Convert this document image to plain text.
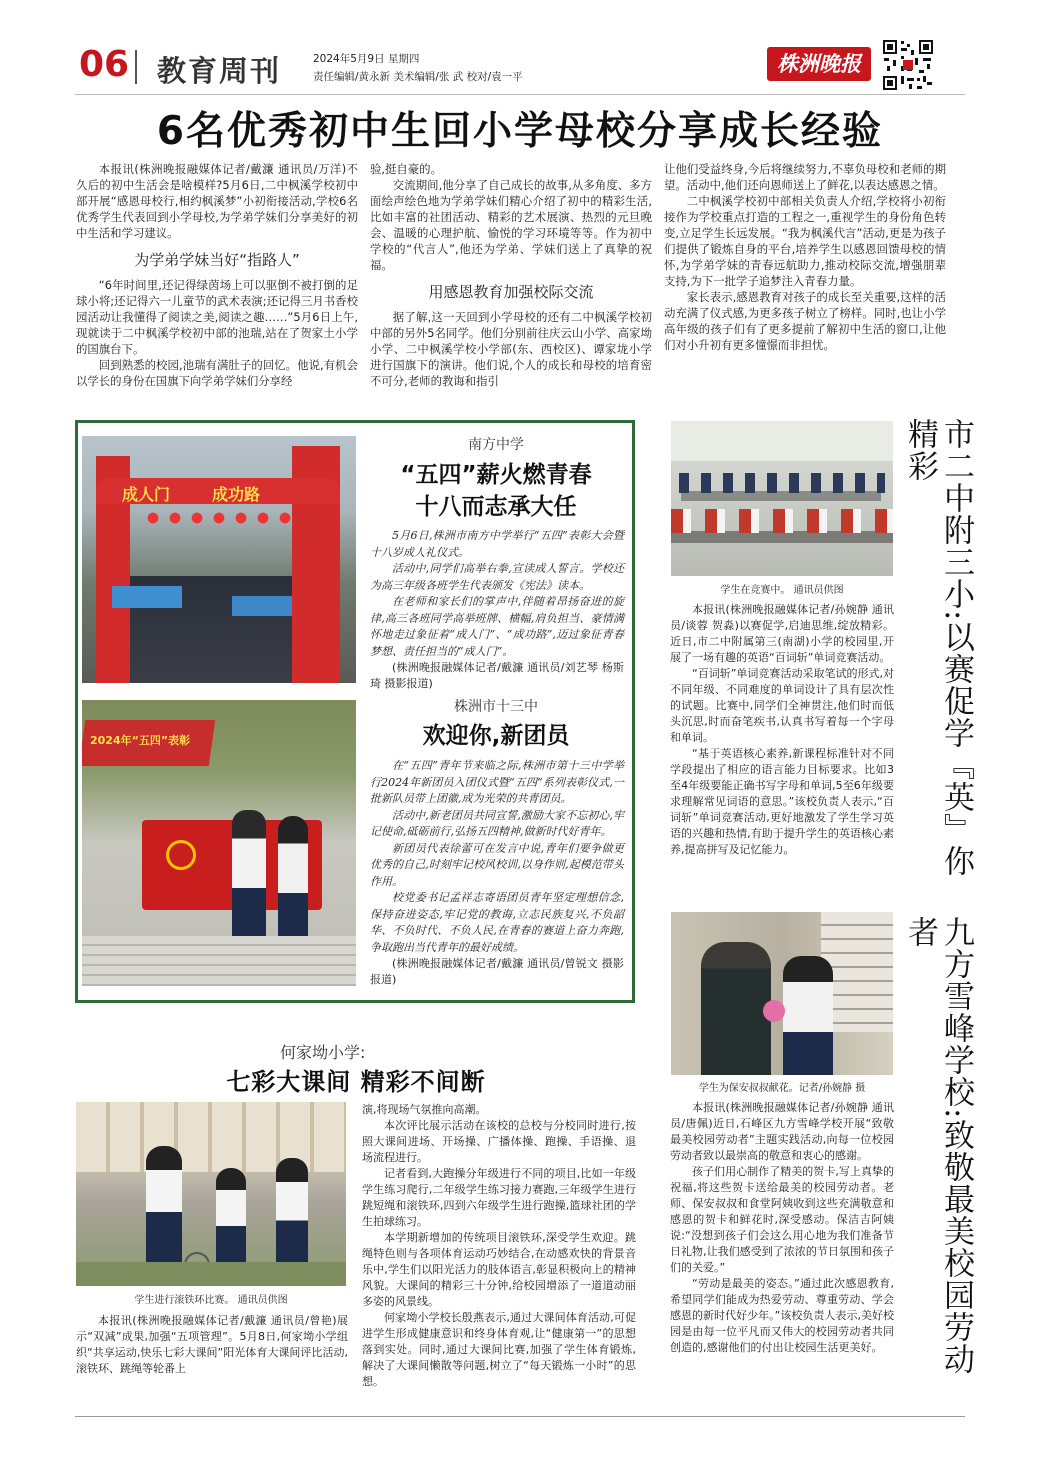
06 教育周刊	2024年5月9日 星期四
责任编辑/黄永新 美术编辑/张 武 校对/袁一平
株洲晚报
6名优秀初中生回小学母校分享成长经验

本报讯(株洲晚报融媒体记者/戴濂 通讯员/万洋)不久后的初中生活会是啥模样?5月6日,二中枫溪学校初中部开展“感恩母校行,相约枫溪梦”小初衔接活动,学校6名优秀学生代表回到小学母校,为学弟学妹们分享美好的初中生活和学习建议。

为学弟学妹当好“指路人”

“6年时间里,还记得绿茵场上可以驱倒不被打倒的足球小将;还记得六一儿童节的武术表演;还记得三月书香校园活动让我懂得了阅读之美,阅读之趣……”5月6日上午,现就读于二中枫溪学校初中部的池瑞,站在了贺家土小学的国旗台下。

回到熟悉的校园,池瑞有满肚子的回忆。他说,有机会以学长的身份在国旗下向学弟学妹们分享经

验,挺自豪的。

交流期间,他分享了自己成长的故事,从多角度、多方面绘声绘色地为学弟学妹们精心介绍了初中的精彩生活,比如丰富的社团活动、精彩的艺术展演、热烈的元旦晚会、温暖的心理护航、愉悦的学习环境等等。作为初中学校的“代言人”,他还为学弟、学妹们送上了真挚的祝福。

用感恩教育加强校际交流

据了解,这一天回到小学母校的还有二中枫溪学校初中部的另外5名同学。他们分别前往庆云山小学、高家坳小学、二中枫溪学校小学部(东、西校区)、谭家垅小学进行国旗下的演讲。他们说,个人的成长和母校的培育密不可分,老师的教诲和指引

让他们受益终身,今后将继续努力,不辜负母校和老师的期望。活动中,他们还向恩师送上了鲜花,以表达感恩之情。

二中枫溪学校初中部相关负责人介绍,学校将小初衔接作为学校重点打造的工程之一,重视学生的身份角色转变,立足学生长远发展。“我为枫溪代言”活动,更是为孩子们提供了锻炼自身的平台,培养学生以感恩回馈母校的情怀,为学弟学妹的青春远航助力,推动校际交流,增强朋辈支持,为下一批学子追梦注入青春力量。

家长表示,感恩教育对孩子的成长至关重要,这样的活动充满了仪式感,为更多孩子树立了榜样。同时,也让小学高年级的孩子们有了更多提前了解初中生活的窗口,让他们对小升初有更多憧憬而非担忧。

成人门	成功路
南方中学
“五四”薪火燃青春
十八而志承大任

5月6日,株洲市南方中学举行“五四”表彰大会暨十八岁成人礼仪式。

活动中,同学们高举右拳,宣读成人誓言。学校还为高三年级各班学生代表颁发《宪法》读本。

在老师和家长们的掌声中,伴随着昂扬奋进的旋律,高三各班同学高举班牌、横幅,肩负担当、豪情满怀地走过象征着“成人门”、“成功路”,迈过象征青春梦想、责任担当的“成人门”。

(株洲晚报融媒体记者/戴濂 通讯员/刘艺琴 杨斯琦 摄影报道)

2024年“五四”表彰
株洲市十三中
欢迎你,新团员

在“五四”青年节来临之际,株洲市第十三中学举行2024年新团员入团仪式暨“五四”系列表彰仪式,一批新队员带上团徽,成为光荣的共青团员。

活动中,新老团员共同宣誓,激励大家不忘初心,牢记使命,砥砺前行,弘扬五四精神,做新时代好青年。

新团员代表徐蕾可在发言中说,青年们要争做更优秀的自己,时刻牢记校风校训,以身作则,起模范带头作用。

校党委书记孟祥志寄语团员青年坚定理想信念,保持奋进姿态,牢记党的教诲,立志民族复兴,不负韶华、不负时代、不负人民,在青春的赛道上奋力奔跑,争取跑出当代青年的最好成绩。

(株洲晚报融媒体记者/戴濂 通讯员/曾锐文 摄影报道)

学生在竞赛中。 通讯员供图

本报讯(株洲晚报融媒体记者/孙婉静 通讯员/谈蓉 贺淼)以赛促学,启迪思维,绽放精彩。近日,市二中附属第三(南湖)小学的校园里,开展了一场有趣的英语“百词斩”单词竞赛活动。

“百词斩”单词竞赛活动采取笔试的形式,对不同年级、不同难度的单词设计了具有层次性的试题。比赛中,同学们全神贯注,他们时而低头沉思,时而奋笔疾书,认真书写着每一个字母和单词。

“基于英语核心素养,新课程标准针对不同学段提出了相应的语言能力目标要求。比如3至4年级要能正确书写字母和单词,5至6年级要求理解常见词语的意思。”该校负责人表示,“百词斩”单词竞赛活动,更好地激发了学生学习英语的兴趣和热情,有助于提升学生的英语核心素养,提高拼写及记忆能力。	市二中附三小:以赛促学『英』你精彩
学生为保安叔叔献花。记者/孙婉静 摄

本报讯(株洲晚报融媒体记者/孙婉静 通讯员/唐佩)近日,石峰区九方雪峰学校开展“致敬最美校园劳动者”主题实践活动,向每一位校园劳动者致以最崇高的敬意和衷心的感谢。

孩子们用心制作了精美的贺卡,写上真挚的祝福,将这些贺卡送给最美的校园劳动者。老师、保安叔叔和食堂阿姨收到这些充满敬意和感恩的贺卡和鲜花时,深受感动。保洁吉阿姨说:“没想到孩子们会这么用心地为我们准备节日礼物,让我们感受到了浓浓的节日氛围和孩子们的关爱。”

“劳动是最美的姿态。”通过此次感恩教育,希望同学们能成为热爱劳动、尊重劳动、学会感恩的新时代好少年。”该校负责人表示,美好校园是由每一位平凡而又伟大的校园劳动者共同创造的,感谢他们的付出让校园生活更美好。	九方雪峰学校:致敬最美校园劳动者
何家坳小学:
七彩大课间 精彩不间断
学生进行滚铁环比赛。 通讯员供图

本报讯(株洲晚报融媒体记者/戴濂 通讯员/曾艳)展示“双减”成果,加强“五项管理”。5月8日,何家坳小学组织“共享运动,快乐七彩大课间”阳光体育大课间评比活动,滚铁环、跳绳等轮番上

演,将现场气氛推向高潮。

本次评比展示活动在该校的总校与分校同时进行,按照大课间进场、开场操、广播体操、跑操、手语操、退场流程进行。

记者看到,大跑操分年级进行不同的项目,比如一年级学生练习爬行,二年级学生练习接力赛跑,三年级学生进行跳短绳和滚铁环,四到六年级学生进行跑操,篮球社团的学生拍球练习。

本学期新增加的传统项目滚铁环,深受学生欢迎。跳绳特色则与各项体育运动巧妙结合,在动感欢快的背景音乐中,学生们以阳光活力的肢体语言,彰显积极向上的精神风貌。大课间的精彩三十分钟,给校园增添了一道道动丽多姿的风景线。

何家坳小学校长殷燕表示,通过大课间体育活动,可促进学生形成健康意识和终身体育观,让“健康第一”的思想落到实处。同时,通过大课间比赛,加强了学生体育锻炼,解决了大课间懒散等问题,树立了“每天锻炼一小时”的思想。
